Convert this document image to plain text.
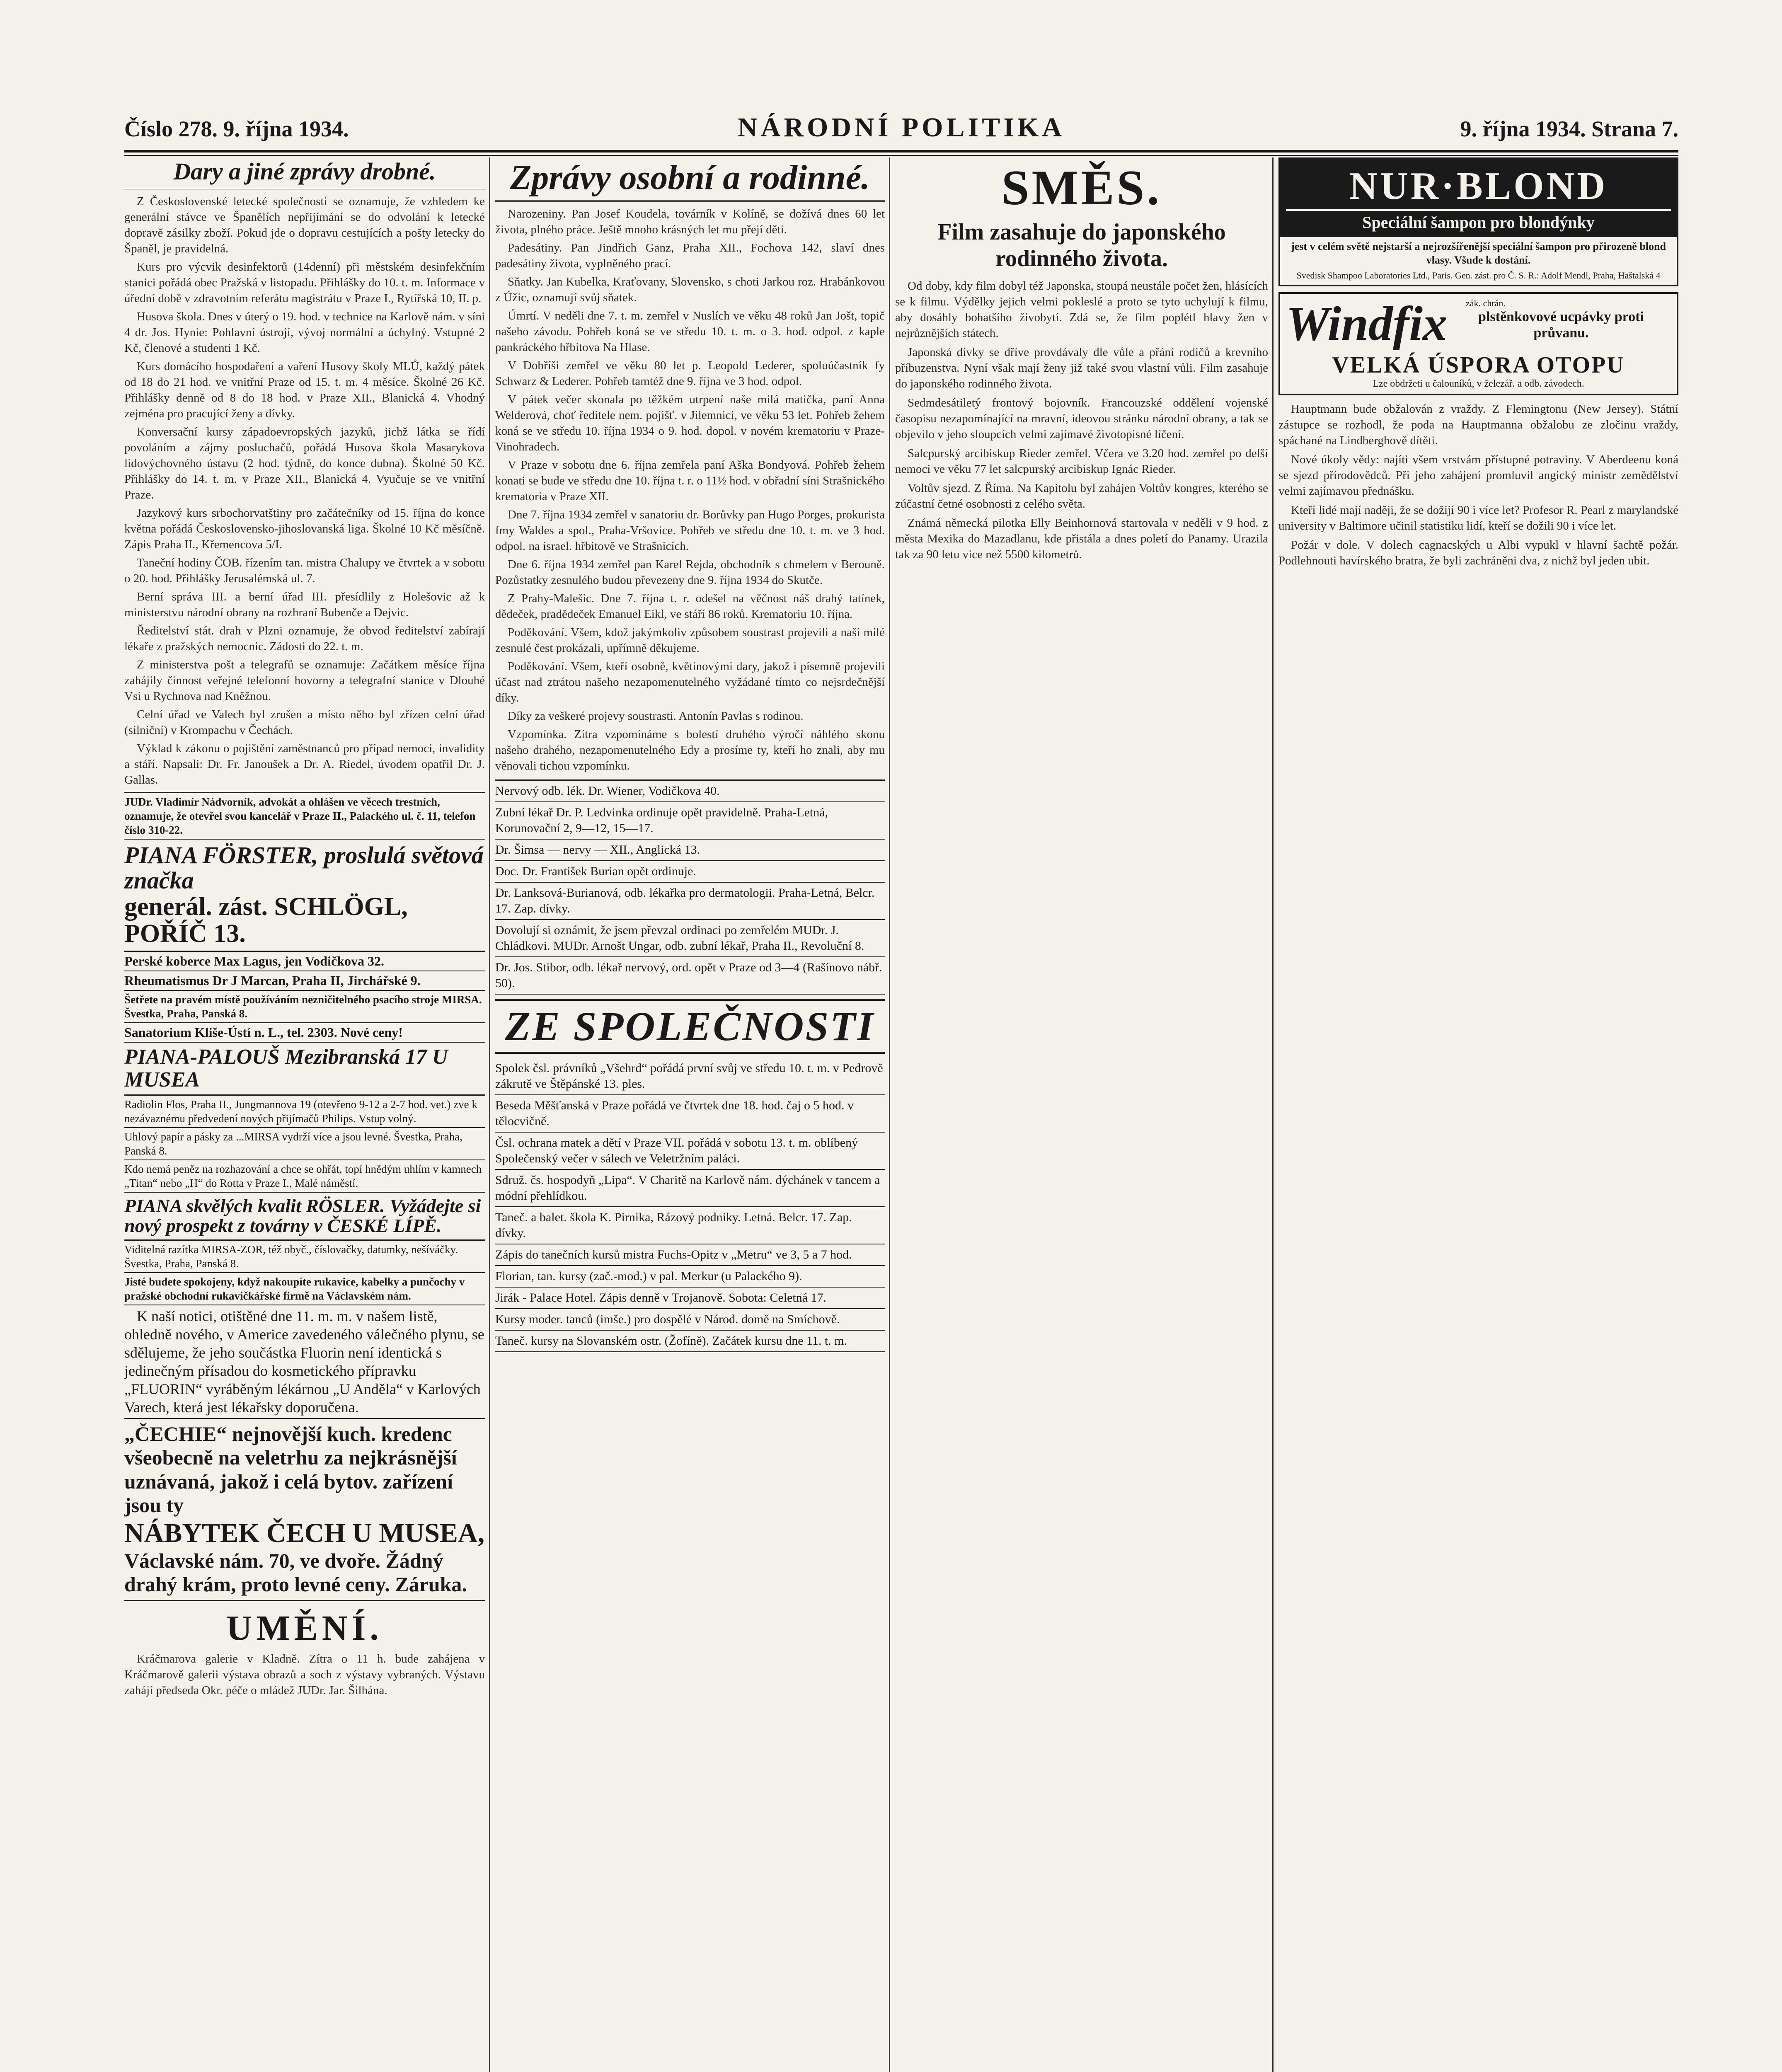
Číslo 278. 9. října 1934.	NÁRODNÍ POLITIKA	9. října 1934. Strana 7.
Dary a jiné zprávy drobné.

Z Československé letecké společnosti se oznamuje, že vzhledem ke generální stávce ve Španělích nepřijímání se do odvolání k letecké dopravě zásilky zboží. Pokud jde o dopravu cestujících a pošty letecky do Španěl, je pravidelná.

Kurs pro výcvik desinfektorů (14denní) při městském desinfekčním stanici pořádá obec Pražská v listopadu. Přihlášky do 10. t. m. Informace v úřední době v zdravotním referátu magistrátu v Praze I., Rytířská 10, II. p.

Husova škola. Dnes v úterý o 19. hod. v technice na Karlově nám. v síni 4 dr. Jos. Hynie: Pohlavní ústrojí, vývoj normální a úchylný. Vstupné 2 Kč, členové a studenti 1 Kč.

Kurs domácího hospodaření a vaření Husovy školy MLŮ, každý pátek od 18 do 21 hod. ve vnitřní Praze od 15. t. m. 4 měsíce. Školné 26 Kč. Přihlášky denně od 8 do 18 hod. v Praze XII., Blanická 4. Vhodný zejména pro pracující ženy a dívky.

Konversační kursy západoevropských jazyků, jichž látka se řídí povoláním a zájmy posluchačů, pořádá Husova škola Masarykova lidovýchovného ústavu (2 hod. týdně, do konce dubna). Školné 50 Kč. Přihlášky do 14. t. m. v Praze XII., Blanická 4. Vyučuje se ve vnitřní Praze.

Jazykový kurs srbochorvatštiny pro začátečníky od 15. října do konce května pořádá Československo-jihoslovanská liga. Školné 10 Kč měsíčně. Zápis Praha II., Křemencova 5/I.

Taneční hodiny ČOB. řízením tan. mistra Chalupy ve čtvrtek a v sobotu o 20. hod. Přihlášky Jerusalémská ul. 7.

Berní správa III. a berní úřad III. přesídlily z Holešovic až k ministerstvu národní obrany na rozhraní Bubenče a Dejvic.

Ředitelství stát. drah v Plzni oznamuje, že obvod ředitelství zabírají lékaře z pražských nemocnic. Zádosti do 22. t. m.

Z ministerstva pošt a telegrafů se oznamuje: Začátkem měsíce října zahájily činnost veřejné telefonní hovorny a telegrafní stanice v Dlouhé Vsi u Rychnova nad Kněžnou.

Celní úřad ve Valech byl zrušen a místo něho byl zřízen celní úřad (silniční) v Krompachu v Čechách.

Výklad k zákonu o pojištění zaměstnanců pro případ nemoci, invalidity a stáří. Napsali: Dr. Fr. Janoušek a Dr. A. Riedel, úvodem opatřil Dr. J. Gallas.

JUDr. Vladimír Nádvorník, advokát a ohlášen ve věcech trestních, oznamuje, že otevřel svou kancelář v Praze II., Palackého ul. č. 11, telefon číslo 310-22.
PIANA FÖRSTER, proslulá světová značka
generál. zást. SCHLÖGL, POŘÍČ 13.
Perské koberce Max Lagus, jen Vodičkova 32.
Rheumatismus Dr J Marcan, Praha II, Jirchářské 9.
Šetřete na pravém místě používáním nezničitelného psacího stroje MIRSA. Švestka, Praha, Panská 8.
Sanatorium Kliše-Ústí n. L., tel. 2303. Nové ceny!
PIANA-PALOUŠ Mezibranská 17 U MUSEA
Radiolin Flos, Praha II., Jungmannova 19 (otevřeno 9-12 a 2-7 hod. vet.) zve k nezávaznému předvedení nových přijímačů Philips. Vstup volný.
Uhlový papír a pásky za ...MIRSA vydrží více a jsou levné. Švestka, Praha, Panská 8.
Kdo nemá peněz na rozhazování a chce se ohřát, topí hnědým uhlím v kamnech „Titan“ nebo „H“ do Rotta v Praze I., Malé náměstí.
PIANA skvělých kvalit RÖSLER. Vyžádejte si nový prospekt z továrny v ČESKÉ LÍPĚ.
Viditelná razítka MIRSA-ZOR, též obyč., číslovačky, datumky, nešíváčky. Švestka, Praha, Panská 8.
Jisté budete spokojeny, když nakoupíte rukavice, kabelky a punčochy v pražské obchodní rukavičkářské firmě na Václavském nám.
K naší notici, otištěné dne 11. m. m. v našem listě, ohledně nového, v Americe zavedeného válečného plynu, se sdělujeme, že jeho součástka Fluorin není identická s jedinečným přísadou do kosmetického přípravku „FLUORIN“ vyráběným lékárnou „U Anděla“ v Karlových Varech, která jest lékařsky doporučena.
„ČECHIE“ nejnovější kuch. kredenc všeobecně na veletrhu za nejkrásnější uznávaná, jakož i celá bytov. zařízení jsou ty
NÁBYTEK ČECH U MUSEA,
Václavské nám. 70, ve dvoře. Žádný drahý krám, proto levné ceny. Záruka.
UMĚNÍ.

Kráčmarova galerie v Kladně. Zítra o 11 h. bude zahájena v Kráčmarově galerii výstava obrazů a soch z výstavy vybraných. Výstavu zahájí předseda Okr. péče o mládež JUDr. Jar. Šilhána.

Zprávy osobní a rodinné.

Narozeniny. Pan Josef Koudela, továrník v Kolíně, se dožívá dnes 60 let života, plného práce. Ještě mnoho krásných let mu přejí děti.

Padesátiny. Pan Jindřich Ganz, Praha XII., Fochova 142, slaví dnes padesátiny života, vyplněného prací.

Sňatky. Jan Kubelka, Kraťovany, Slovensko, s choti Jarkou roz. Hrabánkovou z Úžic, oznamují svůj sňatek.

Úmrtí. V neděli dne 7. t. m. zemřel v Nuslích ve věku 48 roků Jan Jošt, topič našeho závodu. Pohřeb koná se ve středu 10. t. m. o 3. hod. odpol. z kaple pankráckého hřbitova Na Hlase.

V Dobříši zemřel ve věku 80 let p. Leopold Lederer, spoluúčastník fy Schwarz & Lederer. Pohřeb tamtéž dne 9. října ve 3 hod. odpol.

V pátek večer skonala po těžkém utrpení naše milá matička, paní Anna Welderová, choť ředitele nem. pojišť. v Jilemnici, ve věku 53 let. Pohřeb žehem koná se ve středu 10. října 1934 o 9. hod. dopol. v novém krematoriu v Praze-Vinohradech.

V Praze v sobotu dne 6. října zemřela paní Aška Bondyová. Pohřeb žehem konati se bude ve středu dne 10. října t. r. o 11½ hod. v obřadní síni Strašnického krematoria v Praze XII.

Dne 7. října 1934 zemřel v sanatoriu dr. Borůvky pan Hugo Porges, prokurista fmy Waldes a spol., Praha-Vršovice. Pohřeb ve středu dne 10. t. m. ve 3 hod. odpol. na israel. hřbitově ve Strašnicích.

Dne 6. října 1934 zemřel pan Karel Rejda, obchodník s chmelem v Berouně. Pozůstatky zesnulého budou převezeny dne 9. října 1934 do Skutče.

Z Prahy-Malešic. Dne 7. října t. r. odešel na věčnost náš drahý tatínek, dědeček, pradědeček Emanuel Eikl, ve stáří 86 roků. Krematoriu 10. října.

Poděkování. Všem, kdož jakýmkoliv způsobem soustrast projevili a naší milé zesnulé čest prokázali, upřímně děkujeme.

Poděkování. Všem, kteří osobně, květinovými dary, jakož i písemně projevili účast nad ztrátou našeho nezapomenutelného vyžádané tímto co nejsrdečnější díky.

Díky za veškeré projevy soustrasti. Antonín Pavlas s rodinou.

Vzpomínka. Zítra vzpomínáme s bolestí druhého výročí náhlého skonu našeho drahého, nezapomenutelného Edy a prosíme ty, kteří ho znali, aby mu věnovali tichou vzpomínku.

Nervový odb. lék. Dr. Wiener, Vodičkova 40.
Zubní lékař Dr. P. Ledvinka ordinuje opět pravidelně. Praha-Letná, Korunovační 2, 9—12, 15—17.
Dr. Šimsa — nervy — XII., Anglická 13.
Doc. Dr. František Burian opět ordinuje.
Dr. Lanksová-Burianová, odb. lékařka pro dermatologii. Praha-Letná, Belcr. 17. Zap. dívky.
Dovolují si oznámit, že jsem převzal ordinaci po zemřelém MUDr. J. Chládkovi. MUDr. Arnošt Ungar, odb. zubní lékař, Praha II., Revoluční 8.
Dr. Jos. Stibor, odb. lékař nervový, ord. opět v Praze od 3—4 (Rašínovo nábř. 50).
ZE SPOLEČNOSTI
Spolek čsl. právníků „Všehrd“ pořádá první svůj ve středu 10. t. m. v Pedrově zákrutě ve Štěpánské 13. ples.
Beseda Měšťanská v Praze pořádá ve čtvrtek dne 18. hod. čaj o 5 hod. v tělocvičně.
Čsl. ochrana matek a dětí v Praze VII. pořádá v sobotu 13. t. m. oblíbený Společenský večer v sálech ve Veletržním paláci.
Sdruž. čs. hospodyň „Lipa“. V Charitě na Karlově nám. dýchánek v tancem a módní přehlídkou.
Taneč. a balet. škola K. Pirnika, Rázový podniky. Letná. Belcr. 17. Zap. dívky.
Zápis do tanečních kursů mistra Fuchs-Opitz v „Metru“ ve 3, 5 a 7 hod.
Florian, tan. kursy (zač.-mod.) v pal. Merkur (u Palackého 9).
Jirák - Palace Hotel. Zápis denně v Trojanově. Sobota: Celetná 17.
Kursy moder. tanců (imše.) pro dospělé v Národ. domě na Smíchově.
Taneč. kursy na Slovanském ostr. (Žofíně). Začátek kursu dne 11. t. m.
SMĚS.
Film zasahuje do japonského rodinného života.

Od doby, kdy film dobyl též Japonska, stoupá neustále počet žen, hlásících se k filmu. Výdělky jejich velmi pokleslé a proto se tyto uchylují k filmu, aby dosáhly bohatšího živobytí. Zdá se, že film poplétl hlavy žen v nejrůznějších státech.

Japonská dívky se dříve provdávaly dle vůle a přání rodičů a krevního příbuzenstva. Nyní však mají ženy již také svou vlastní vůli. Film zasahuje do japonského rodinného života.

Sedmdesátiletý frontový bojovník. Francouzské oddělení vojenské časopisu nezapomínající na mravní, ideovou stránku národní obrany, a tak se objevilo v jeho sloupcích velmi zajímavé životopisné líčení.

Salcpurský arcibiskup Rieder zemřel. Včera ve 3.20 hod. zemřel po delší nemoci ve věku 77 let salcpurský arcibiskup Ignác Rieder.

Voltův sjezd. Z Říma. Na Kapitolu byl zahájen Voltův kongres, kterého se zúčastní četné osobnosti z celého světa.

Známá německá pilotka Elly Beinhornová startovala v neděli v 9 hod. z města Mexika do Mazadlanu, kde přistála a dnes poletí do Panamy. Urazila tak za 90 letu vice než 5500 kilometrů.

NUR·BLOND
Speciální šampon pro blondýnky
jest v celém světě nejstarší a nejrozšířenější speciální šampon pro přirozeně blond vlasy. Všude k dostání.
Svedisk Shampoo Laboratories Ltd., Paris. Gen. zást. pro Č. S. R.: Adolf Mendl, Praha, Haštalská 4
Windfix zák. chrán.
plstěnkovové ucpávky proti průvanu.
VELKÁ ÚSPORA OTOPU
Lze obdržeti u čalouníků, v železář. a odb. závodech.

Hauptmann bude obžalován z vraždy. Z Flemingtonu (New Jersey). Státní zástupce se rozhodl, že poda na Hauptmanna obžalobu ze zločinu vraždy, spáchané na Lindberghově dítěti.

Nové úkoly vědy: najíti všem vrstvám přístupné potraviny. V Aberdeenu koná se sjezd přírodovědců. Při jeho zahájení promluvil angický ministr zemědělství velmi zajímavou přednášku.

Kteří lidé mají naději, že se dožijí 90 i více let? Profesor R. Pearl z marylandské university v Baltimore učinil statistiku lidí, kteří se dožili 90 i více let.

Požár v dole. V dolech cagnacských u Albi vypukl v hlavní šachtě požár. Podlehnouti havírského bratra, že byli zachráněni dva, z nichž byl jeden ubit.
